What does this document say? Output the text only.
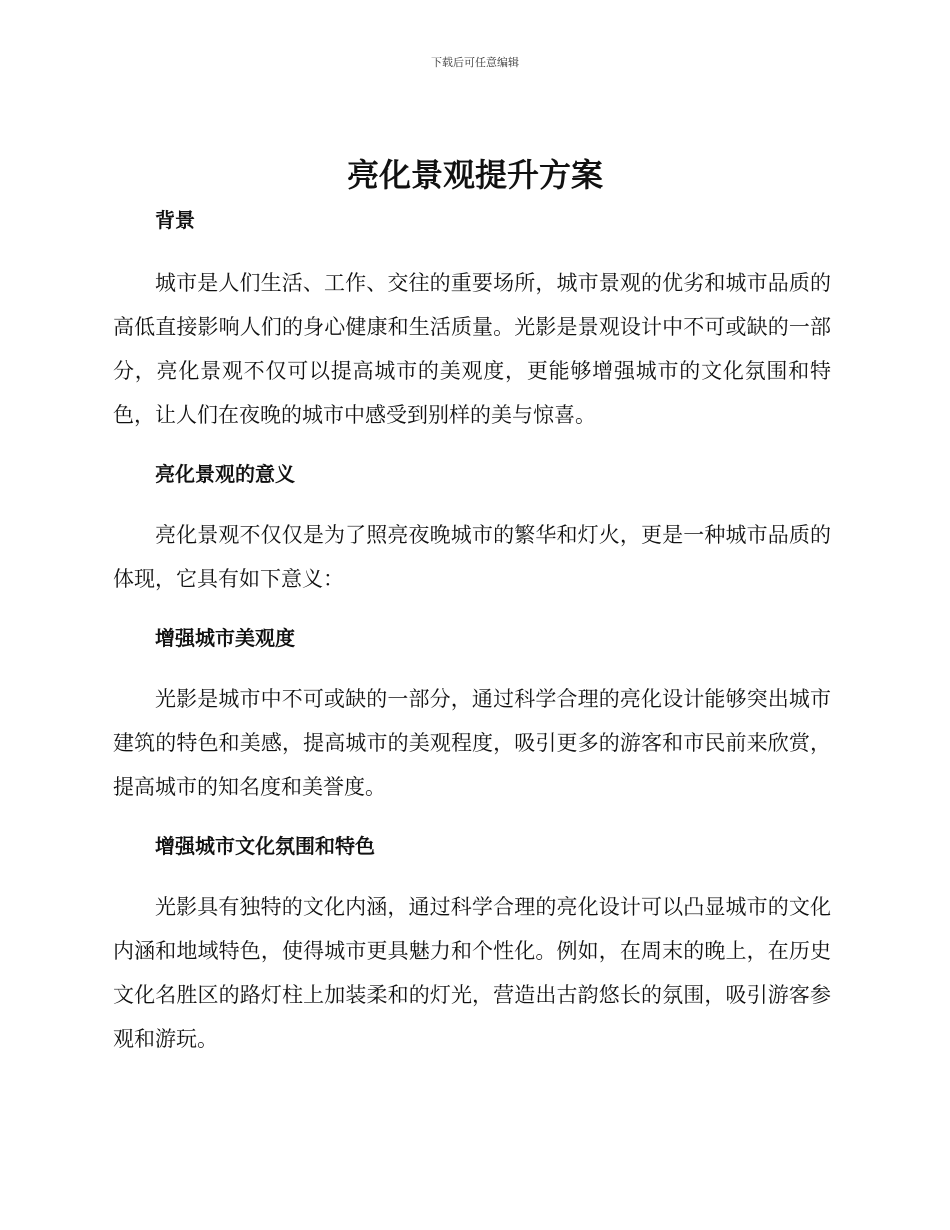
下载后可任意编辑
亮化景观提升方案
背景

城市是人们生活、工作、交往的重要场所，城市景观的优劣和城市品质的高低直接影响人们的身心健康和生活质量。光影是景观设计中不可或缺的一部分，亮化景观不仅可以提高城市的美观度，更能够增强城市的文化氛围和特色，让人们在夜晚的城市中感受到别样的美与惊喜。

亮化景观的意义

亮化景观不仅仅是为了照亮夜晚城市的繁华和灯火，更是一种城市品质的体现，它具有如下意义：

增强城市美观度

光影是城市中不可或缺的一部分，通过科学合理的亮化设计能够突出城市建筑的特色和美感，提高城市的美观程度，吸引更多的游客和市民前来欣赏，提高城市的知名度和美誉度。

增强城市文化氛围和特色

光影具有独特的文化内涵，通过科学合理的亮化设计可以凸显城市的文化内涵和地域特色，使得城市更具魅力和个性化。例如，在周末的晚上，在历史文化名胜区的路灯柱上加装柔和的灯光，营造出古韵悠长的氛围，吸引游客参观和游玩。
